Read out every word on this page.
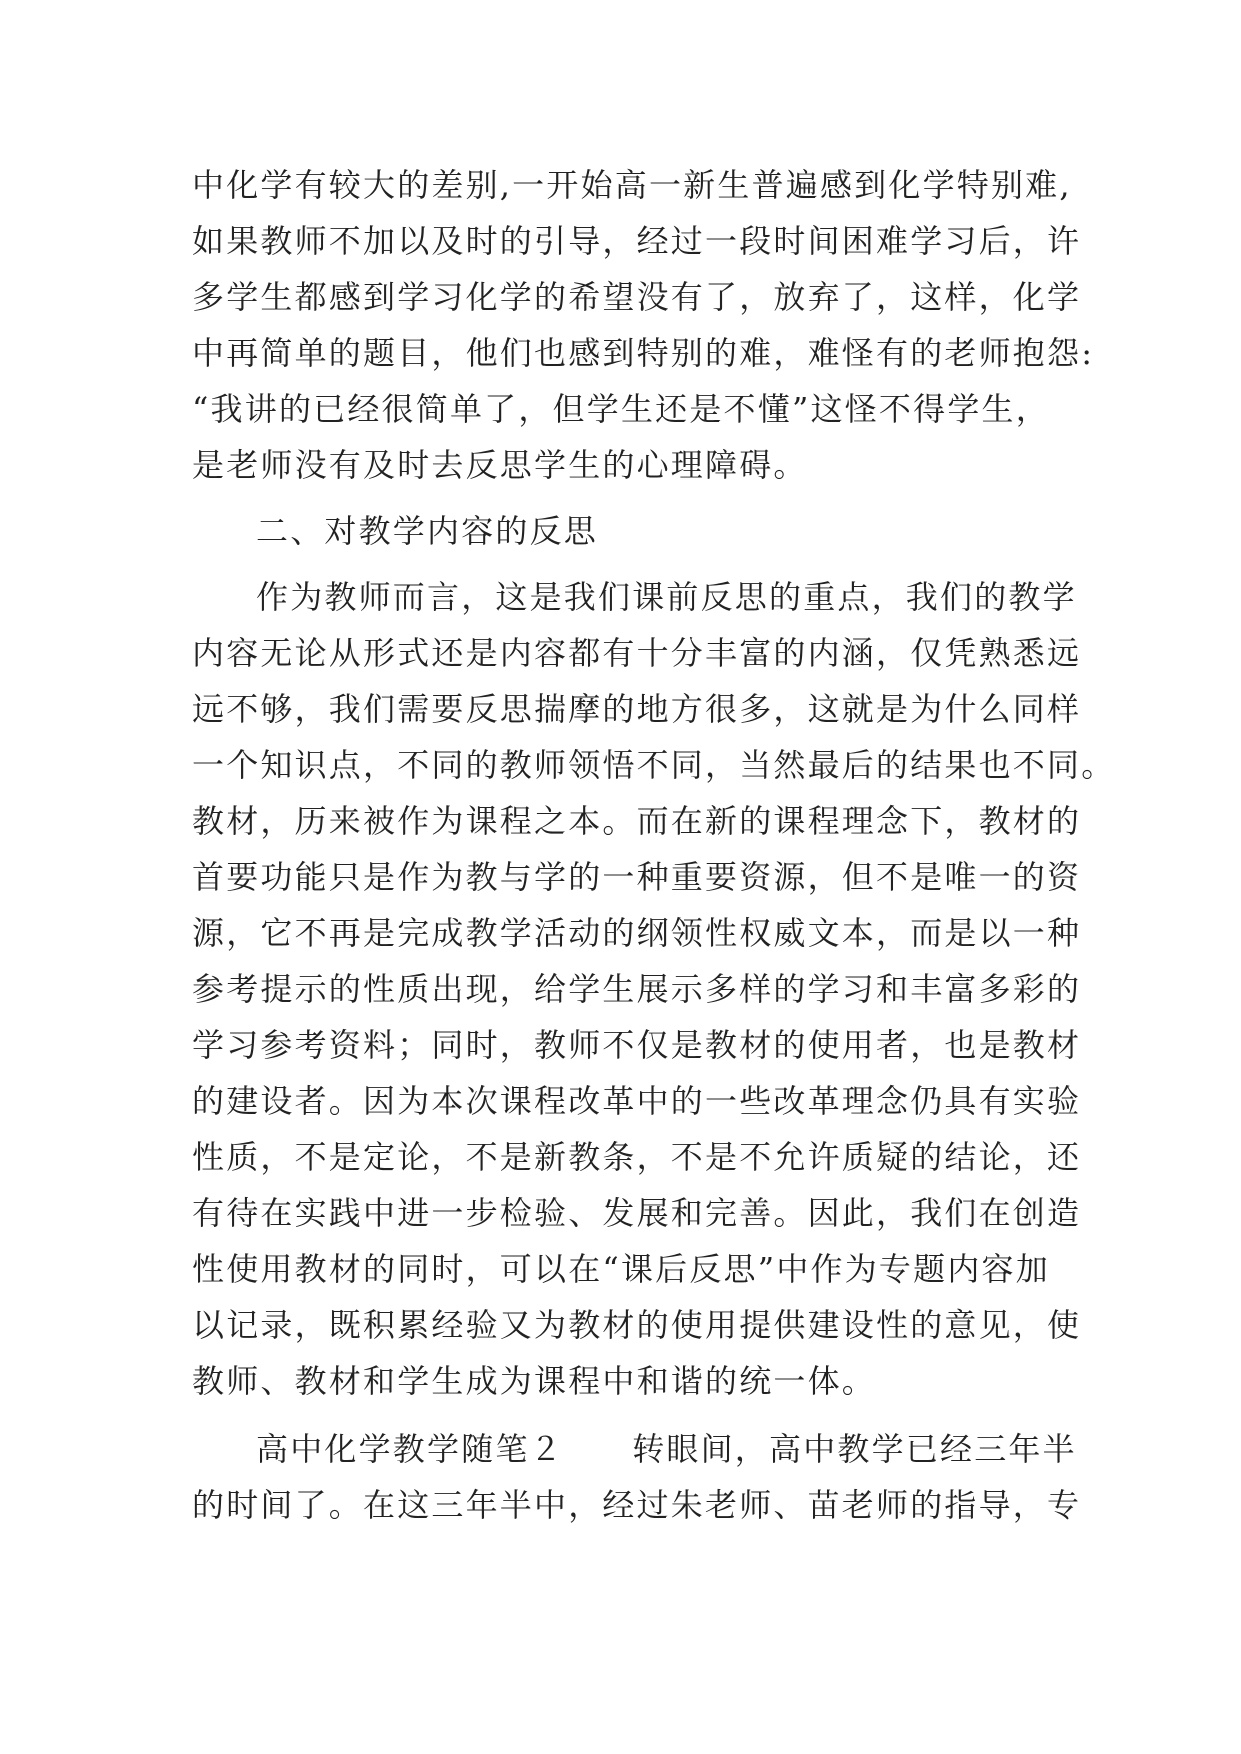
中化学有较大的差别,一开始高一新生普遍感到化学特别难,
如果教师不加以及时的引导，经过一段时间困难学习后，许
多学生都感到学习化学的希望没有了，放弃了，这样，化学
中再简单的题目，他们也感到特别的难，难怪有的老师抱怨:
“我讲的已经很简单了，但学生还是不懂”这怪不得学生，
是老师没有及时去反思学生的心理障碍。
二、对教学内容的反思
作为教师而言，这是我们课前反思的重点，我们的教学
内容无论从形式还是内容都有十分丰富的内涵，仅凭熟悉远
远不够，我们需要反思揣摩的地方很多，这就是为什么同样
一个知识点，不同的教师领悟不同，当然最后的结果也不同。
教材，历来被作为课程之本。而在新的课程理念下，教材的
首要功能只是作为教与学的一种重要资源，但不是唯一的资
源，它不再是完成教学活动的纲领性权威文本，而是以一种
参考提示的性质出现，给学生展示多样的学习和丰富多彩的
学习参考资料；同时，教师不仅是教材的使用者，也是教材
的建设者。因为本次课程改革中的一些改革理念仍具有实验
性质，不是定论，不是新教条，不是不允许质疑的结论，还
有待在实践中进一步检验、发展和完善。因此，我们在创造
性使用教材的同时，可以在“课后反思”中作为专题内容加
以记录，既积累经验又为教材的使用提供建设性的意见，使
教师、教材和学生成为课程中和谐的统一体。
高中化学教学随笔２　　转眼间，高中教学已经三年半
的时间了。在这三年半中，经过朱老师、苗老师的指导，专
